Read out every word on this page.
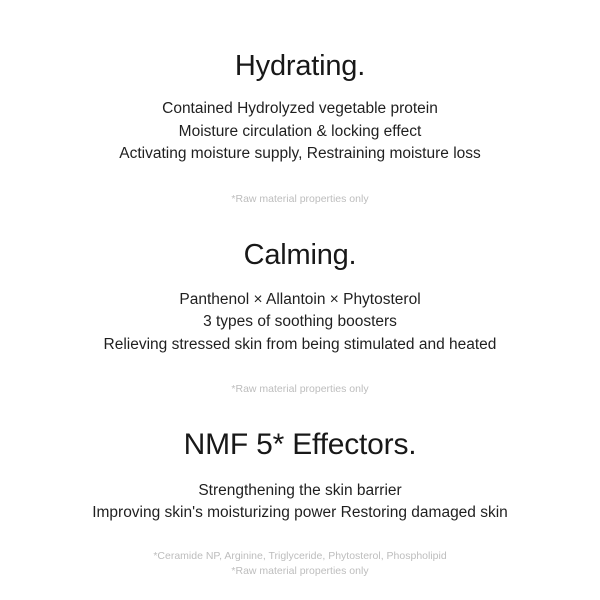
Hydrating.
Contained Hydrolyzed vegetable protein
Moisture circulation & locking effect
Activating moisture supply, Restraining moisture loss
*Raw material properties only
Calming.
Panthenol × Allantoin × Phytosterol
3 types of soothing boosters
Relieving stressed skin from being stimulated and heated
*Raw material properties only
NMF 5* Effectors.
Strengthening the skin barrier
Improving skin's moisturizing power Restoring damaged skin
*Ceramide NP, Arginine, Triglyceride, Phytosterol, Phospholipid
*Raw material properties only
